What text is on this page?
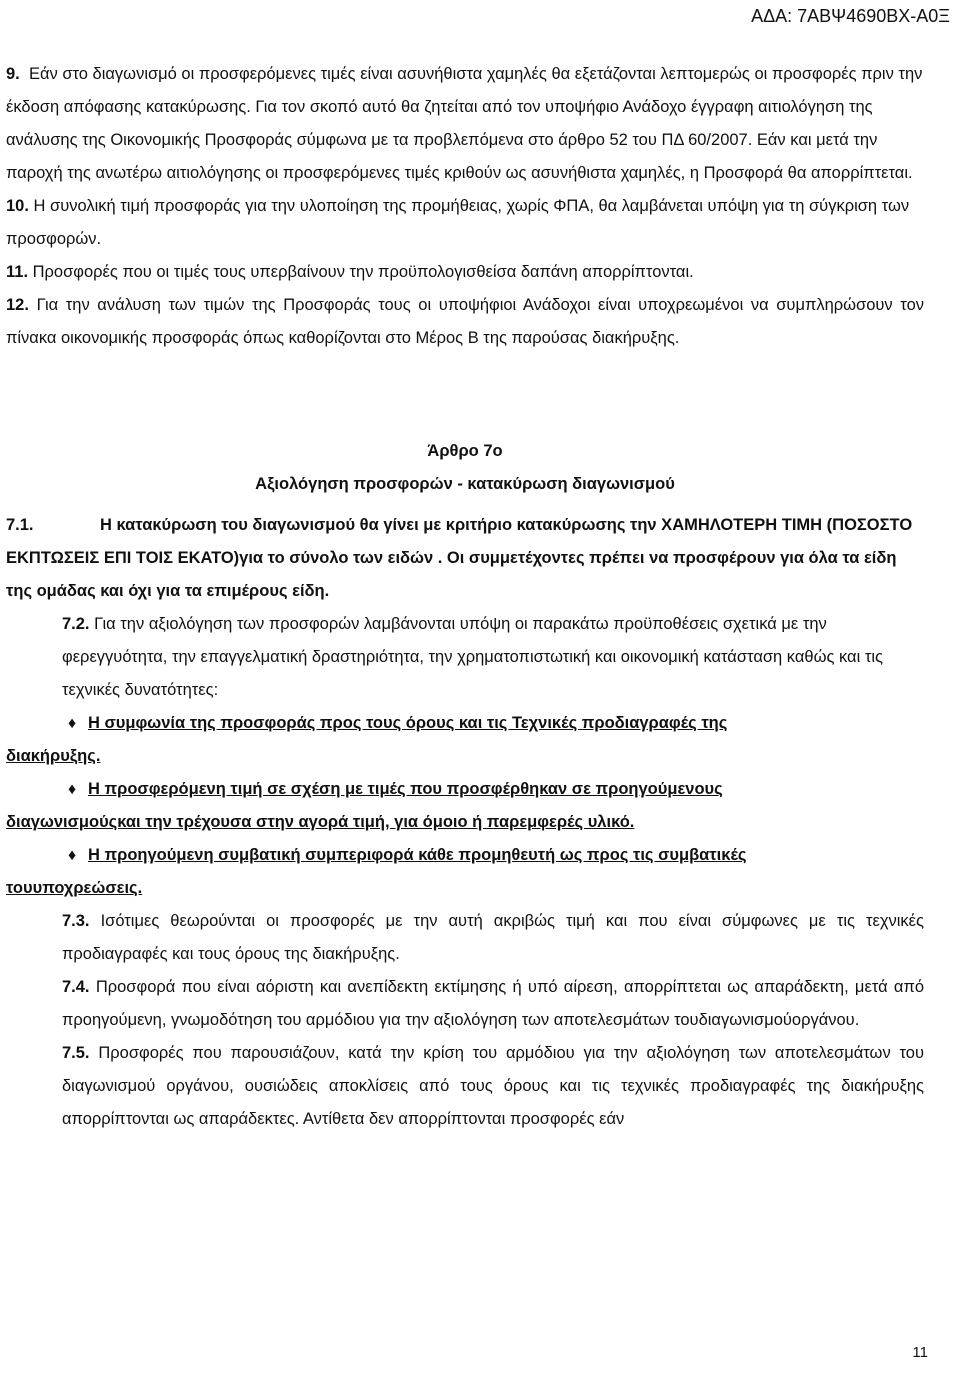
ΑΔΑ: 7ΑΒΨ4690ΒΧ-Α0Ξ

9. Εάν στο διαγωνισμό οι προσφερόμενες τιμές είναι ασυνήθιστα χαμηλές θα εξετάζονται λεπτομερώς οι προσφορές πριν την έκδοση απόφασης κατακύρωσης. Για τον σκοπό αυτό θα ζητείται από τον υποψήφιο Ανάδοχο έγγραφη αιτιολόγηση της ανάλυσης της Οικονομικής Προσφοράς σύμφωνα με τα προβλεπόμενα στο άρθρο 52 του ΠΔ 60/2007. Εάν και μετά την παροχή της ανωτέρω αιτιολόγησης οι προσφερόμενες τιμές κριθούν ως ασυνήθιστα χαμηλές, η Προσφορά θα απορρίπτεται.

10. Η συνολική τιμή προσφοράς για την υλοποίηση της προμήθειας, χωρίς ΦΠΑ, θα λαμβάνεται υπόψη για τη σύγκριση των προσφορών.

11. Προσφορές που οι τιμές τους υπερβαίνουν την προϋπολογισθείσα δαπάνη απορρίπτονται.

12. Για την ανάλυση των τιμών της Προσφοράς τους οι υποψήφιοι Ανάδοχοι είναι υποχρεωμένοι να συμπληρώσουν τον πίνακα οικονομικής προσφοράς όπως καθορίζονται στο Μέρος Β της παρούσας διακήρυξης.

Άρθρο 7ο

Αξιολόγηση προσφορών - κατακύρωση διαγωνισμού

7.1.	Η κατακύρωση του διαγωνισμού θα γίνει με κριτήριο κατακύρωσης την ΧΑΜΗΛΟΤΕΡΗ ΤΙΜΗ (ΠΟΣΟΣΤΟ ΕΚΠΤΩΣΕΙΣ ΕΠΙ ΤΟΙΣ ΕΚΑΤΟ)για το σύνολο των ειδών . Οι συμμετέχοντες πρέπει να προσφέρουν για όλα τα είδη της ομάδας και όχι για τα επιμέρους είδη.

7.2. Για την αξιολόγηση των προσφορών λαμβάνονται υπόψη οι παρακάτω προϋποθέσεις σχετικά με την φερεγγυότητα, την επαγγελματική δραστηριότητα, την χρηματοπιστωτική και οικονομική κατάσταση καθώς και τις τεχνικές δυνατότητες:

♦ Η συμφωνία της προσφοράς προς τους όρους και τις Τεχνικές προδιαγραφές της
διακήρυξης.
♦ Η προσφερόμενη τιμή σε σχέση με τιμές που προσφέρθηκαν σε προηγούμενους
διαγωνισμούςκαι την τρέχουσα στην αγορά τιμή, για όμοιο ή παρεμφερές υλικό.
♦ Η προηγούμενη συμβατική συμπεριφορά κάθε προμηθευτή ως προς τις συμβατικές
τουυποχρεώσεις.

7.3. Ισότιμες θεωρούνται οι προσφορές με την αυτή ακριβώς τιμή και που είναι σύμφωνες με τις τεχνικές προδιαγραφές και τους όρους της διακήρυξης.

7.4. Προσφορά που είναι αόριστη και ανεπίδεκτη εκτίμησης ή υπό αίρεση, απορρίπτεται ως απαράδεκτη, μετά από προηγούμενη, γνωμοδότηση του αρμόδιου για την αξιολόγηση των αποτελεσμάτων τουδιαγωνισμούοργάνου.

7.5. Προσφορές που παρουσιάζουν, κατά την κρίση του αρμόδιου για την αξιολόγηση των αποτελεσμάτων του διαγωνισμού οργάνου, ουσιώδεις αποκλίσεις από τους όρους και τις τεχνικές προδιαγραφές της διακήρυξης απορρίπτονται ως απαράδεκτες. Αντίθετα δεν απορρίπτονται προσφορές εάν

11
